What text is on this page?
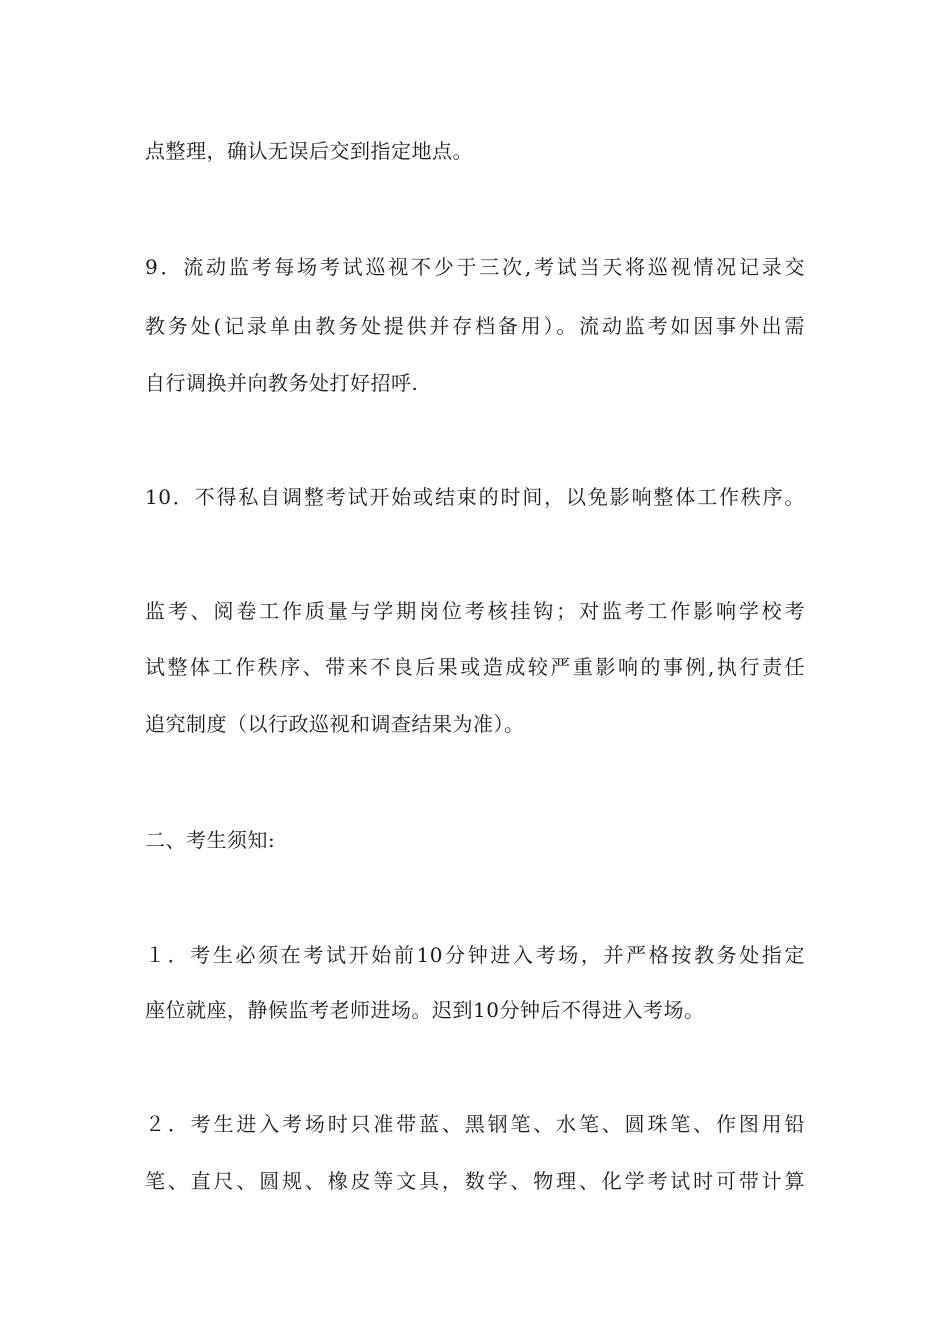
点整理，确认无误后交到指定地点。
9．流动监考每场考试巡视不少于三次,考试当天将巡视情况记录交
教务处(记录单由教务处提供并存档备用）。流动监考如因事外出需
自行调换并向教务处打好招呼.
10．不得私自调整考试开始或结束的时间，以免影响整体工作秩序。
监考、阅卷工作质量与学期岗位考核挂钩；对监考工作影响学校考
试整体工作秩序、带来不良后果或造成较严重影响的事例,执行责任
追究制度（以行政巡视和调查结果为准）。
二、考生须知:
１．考生必须在考试开始前10分钟进入考场，并严格按教务处指定
座位就座，静候监考老师进场。迟到10分钟后不得进入考场。
２．考生进入考场时只准带蓝、黑钢笔、水笔、圆珠笔、作图用铅
笔、直尺、圆规、橡皮等文具，数学、物理、化学考试时可带计算
